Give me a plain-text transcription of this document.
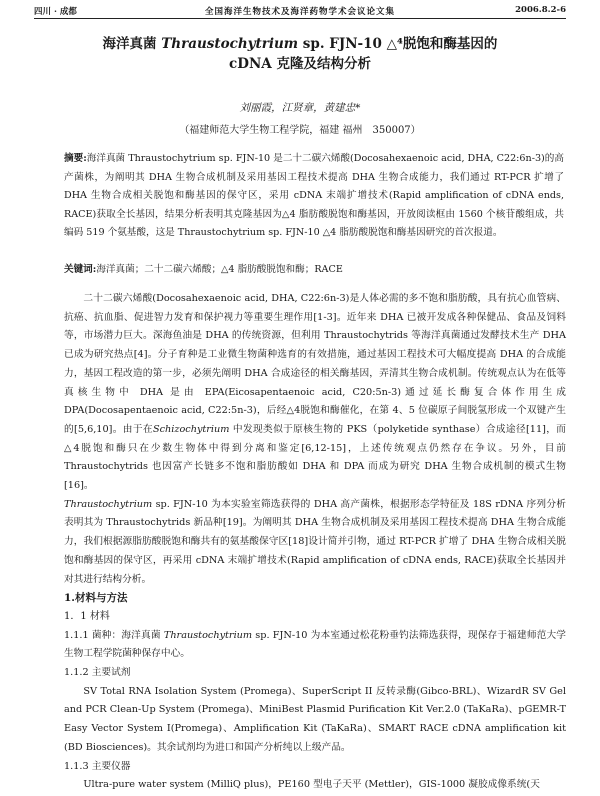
四川 · 成都	全国海洋生物技术及海洋药物学术会议论文集	2006.8.2-6
海洋真菌 Thraustochytrium sp. FJN-10 △⁴脱饱和酶基因的
cDNA 克隆及结构分析
刘丽霞，江贤章，黄建忠*
（福建师范大学生物工程学院，福建 福州　350007）

摘要:海洋真菌 Thraustochytrium sp. FJN-10 是二十二碳六烯酸(Docosahexaenoic acid, DHA, C22:6n-3)的高产菌株，为阐明其 DHA 生物合成机制及采用基因工程技术提高 DHA 生物合成能力，我们通过 RT-PCR 扩增了 DHA 生物合成相关脱饱和酶基因的保守区，采用 cDNA 末端扩增技术(Rapid amplification of cDNA ends, RACE)获取全长基因，结果分析表明其克隆基因为△4 脂肪酸脱饱和酶基因，开放阅读框由 1560 个核苷酸组成，共编码 519 个氨基酸，这是 Thraustochytrium sp. FJN-10 △4 脂肪酸脱饱和酶基因研究的首次报道。

关键词:海洋真菌；二十二碳六烯酸；△4 脂肪酸脱饱和酶；RACE

二十二碳六烯酸(Docosahexaenoic acid, DHA, C22:6n-3)是人体必需的多不饱和脂肪酸，具有抗心血管病、抗癌、抗血脂、促进智力发育和保护视力等重要生理作用[1-3]。近年来 DHA 已被开发成各种保健品、食品及饲料等，市场潜力巨大。深海鱼油是 DHA 的传统资源，但利用 Thraustochytrids 等海洋真菌通过发酵技术生产 DHA 已成为研究热点[4]。分子育种是工业微生物菌种选育的有效措施，通过基因工程技术可大幅度提高 DHA 的合成能力，基因工程改造的第一步，必须先阐明 DHA 合成途径的相关酶基因，弄清其生物合成机制。传统观点认为在低等真核生物中 DHA 是由 EPA(Eicosapentaenoic acid, C20:5n-3)通过延长酶复合体作用生成 DPA(Docosapentaenoic acid, C22:5n-3)，后经△4脱饱和酶催化，在第 4、5 位碳原子间脱氢形成一个双键产生的[5,6,10]。由于在Schizochytrium 中发现类似于原核生物的 PKS（polyketide synthase）合成途径[11]，而△4脱饱和酶只在少数生物体中得到分离和鉴定[6,12-15]，上述传统观点仍然存在争议。另外，目前 Thraustochytrids 也因富产长链多不饱和脂肪酸如 DHA 和 DPA 而成为研究 DHA 生物合成机制的模式生物[16]。

Thraustochytrium sp. FJN-10 为本实验室筛选获得的 DHA 高产菌株，根据形态学特征及 18S rDNA 序列分析表明其为 Thraustochytrids 新品种[19]。为阐明其 DHA 生物合成机制及采用基因工程技术提高 DHA 生物合成能力，我们根据源脂肪酸脱饱和酶共有的氨基酸保守区[18]设计简并引物，通过 RT-PCR 扩增了 DHA 生物合成相关脱饱和酶基因的保守区，再采用 cDNA 末端扩增技术(Rapid amplification of cDNA ends, RACE)获取全长基因并对其进行结构分析。

1.材料与方法

1．1 材料

1.1.1 菌种：海洋真菌 Thraustochytrium sp. FJN-10 为本室通过松花粉垂钓法筛选获得，现保存于福建师范大学生物工程学院菌种保存中心。

1.1.2 主要试剂

SV Total RNA Isolation System (Promega)、SuperScript II 反转录酶(Gibco-BRL)、WizardR SV Gel and PCR Clean-Up System (Promega)、MiniBest Plasmid Purification Kit Ver.2.0 (TaKaRa)、pGEMR-T Easy Vector System I(Promega)、Amplification Kit (TaKaRa)、SMART RACE cDNA amplification kit (BD Biosciences)。其余试剂均为进口和国产分析纯以上级产品。

1.1.3 主要仪器

Ultra-pure water system (MilliQ plus)，PE160 型电子天平 (Mettler)，GIS-1000 凝胶成像系统(天
